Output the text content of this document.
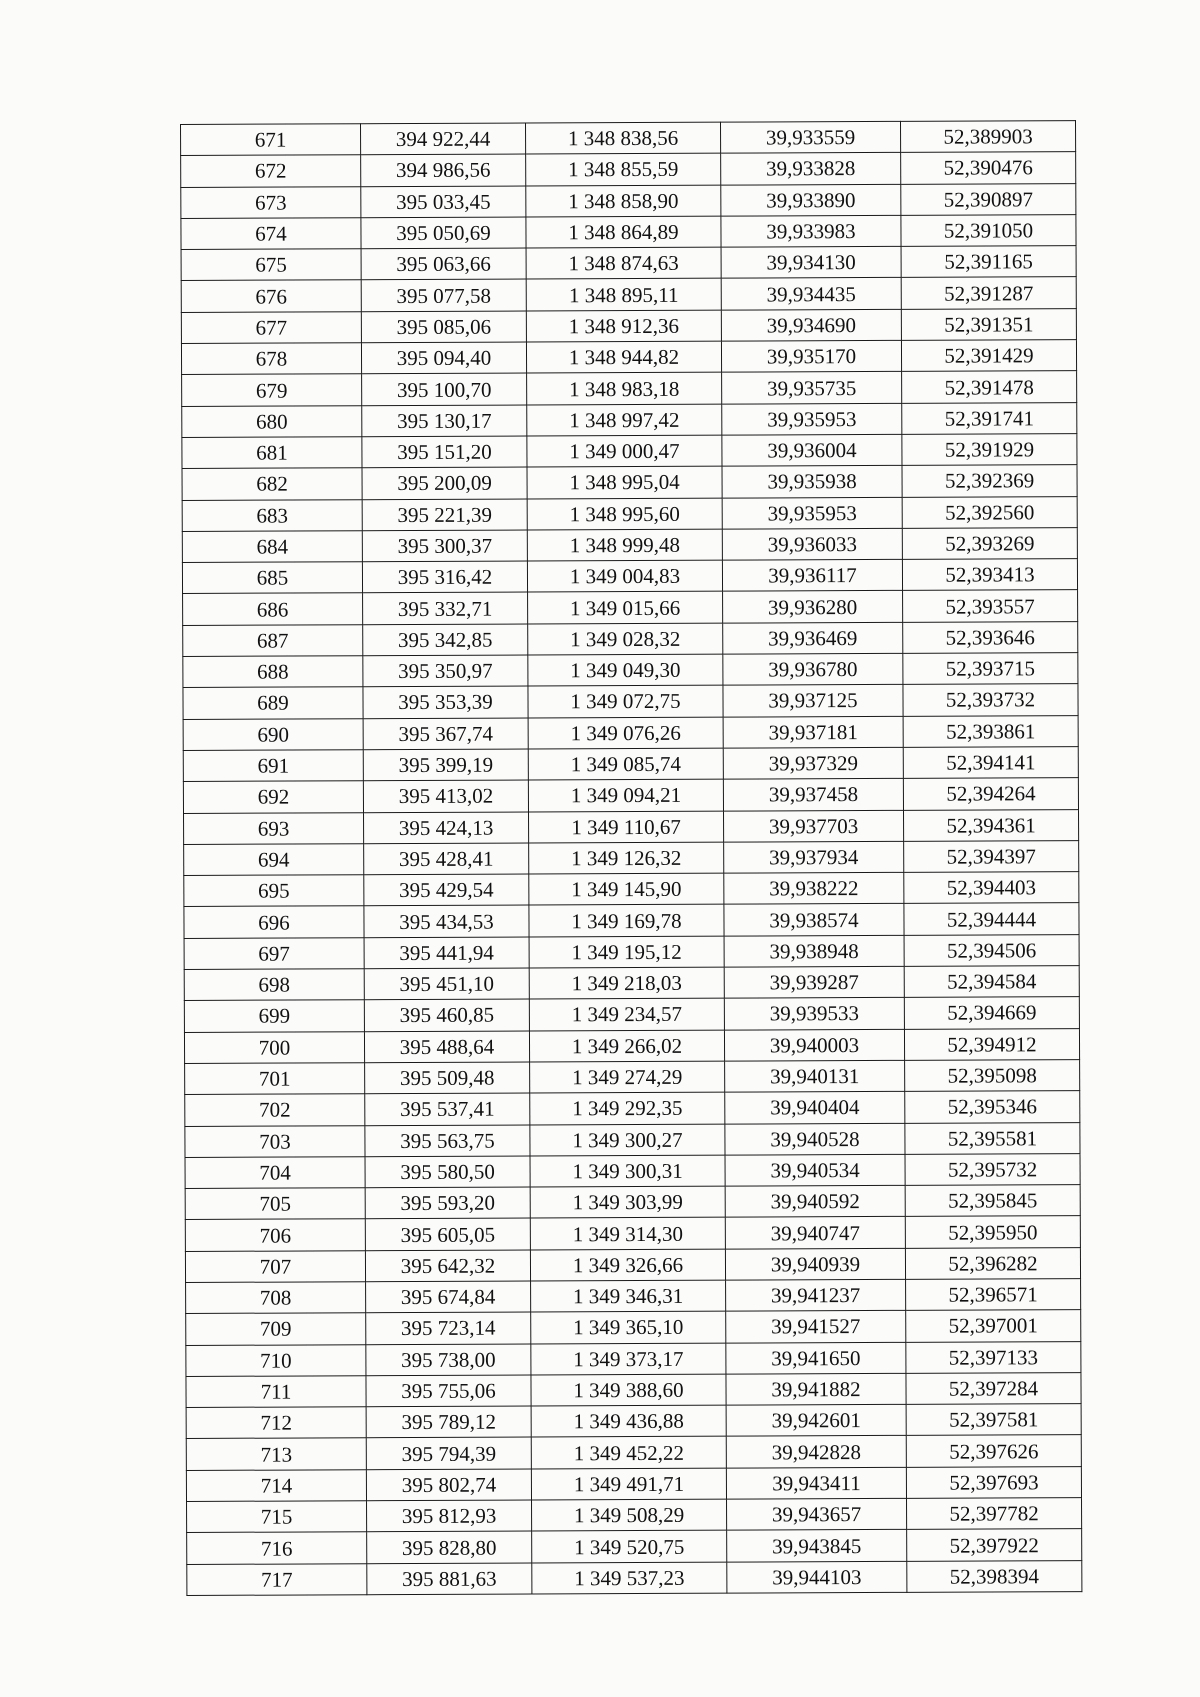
671	394 922,44	1 348 838,56	39,933559	52,389903
672	394 986,56	1 348 855,59	39,933828	52,390476
673	395 033,45	1 348 858,90	39,933890	52,390897
674	395 050,69	1 348 864,89	39,933983	52,391050
675	395 063,66	1 348 874,63	39,934130	52,391165
676	395 077,58	1 348 895,11	39,934435	52,391287
677	395 085,06	1 348 912,36	39,934690	52,391351
678	395 094,40	1 348 944,82	39,935170	52,391429
679	395 100,70	1 348 983,18	39,935735	52,391478
680	395 130,17	1 348 997,42	39,935953	52,391741
681	395 151,20	1 349 000,47	39,936004	52,391929
682	395 200,09	1 348 995,04	39,935938	52,392369
683	395 221,39	1 348 995,60	39,935953	52,392560
684	395 300,37	1 348 999,48	39,936033	52,393269
685	395 316,42	1 349 004,83	39,936117	52,393413
686	395 332,71	1 349 015,66	39,936280	52,393557
687	395 342,85	1 349 028,32	39,936469	52,393646
688	395 350,97	1 349 049,30	39,936780	52,393715
689	395 353,39	1 349 072,75	39,937125	52,393732
690	395 367,74	1 349 076,26	39,937181	52,393861
691	395 399,19	1 349 085,74	39,937329	52,394141
692	395 413,02	1 349 094,21	39,937458	52,394264
693	395 424,13	1 349 110,67	39,937703	52,394361
694	395 428,41	1 349 126,32	39,937934	52,394397
695	395 429,54	1 349 145,90	39,938222	52,394403
696	395 434,53	1 349 169,78	39,938574	52,394444
697	395 441,94	1 349 195,12	39,938948	52,394506
698	395 451,10	1 349 218,03	39,939287	52,394584
699	395 460,85	1 349 234,57	39,939533	52,394669
700	395 488,64	1 349 266,02	39,940003	52,394912
701	395 509,48	1 349 274,29	39,940131	52,395098
702	395 537,41	1 349 292,35	39,940404	52,395346
703	395 563,75	1 349 300,27	39,940528	52,395581
704	395 580,50	1 349 300,31	39,940534	52,395732
705	395 593,20	1 349 303,99	39,940592	52,395845
706	395 605,05	1 349 314,30	39,940747	52,395950
707	395 642,32	1 349 326,66	39,940939	52,396282
708	395 674,84	1 349 346,31	39,941237	52,396571
709	395 723,14	1 349 365,10	39,941527	52,397001
710	395 738,00	1 349 373,17	39,941650	52,397133
711	395 755,06	1 349 388,60	39,941882	52,397284
712	395 789,12	1 349 436,88	39,942601	52,397581
713	395 794,39	1 349 452,22	39,942828	52,397626
714	395 802,74	1 349 491,71	39,943411	52,397693
715	395 812,93	1 349 508,29	39,943657	52,397782
716	395 828,80	1 349 520,75	39,943845	52,397922
717	395 881,63	1 349 537,23	39,944103	52,398394
